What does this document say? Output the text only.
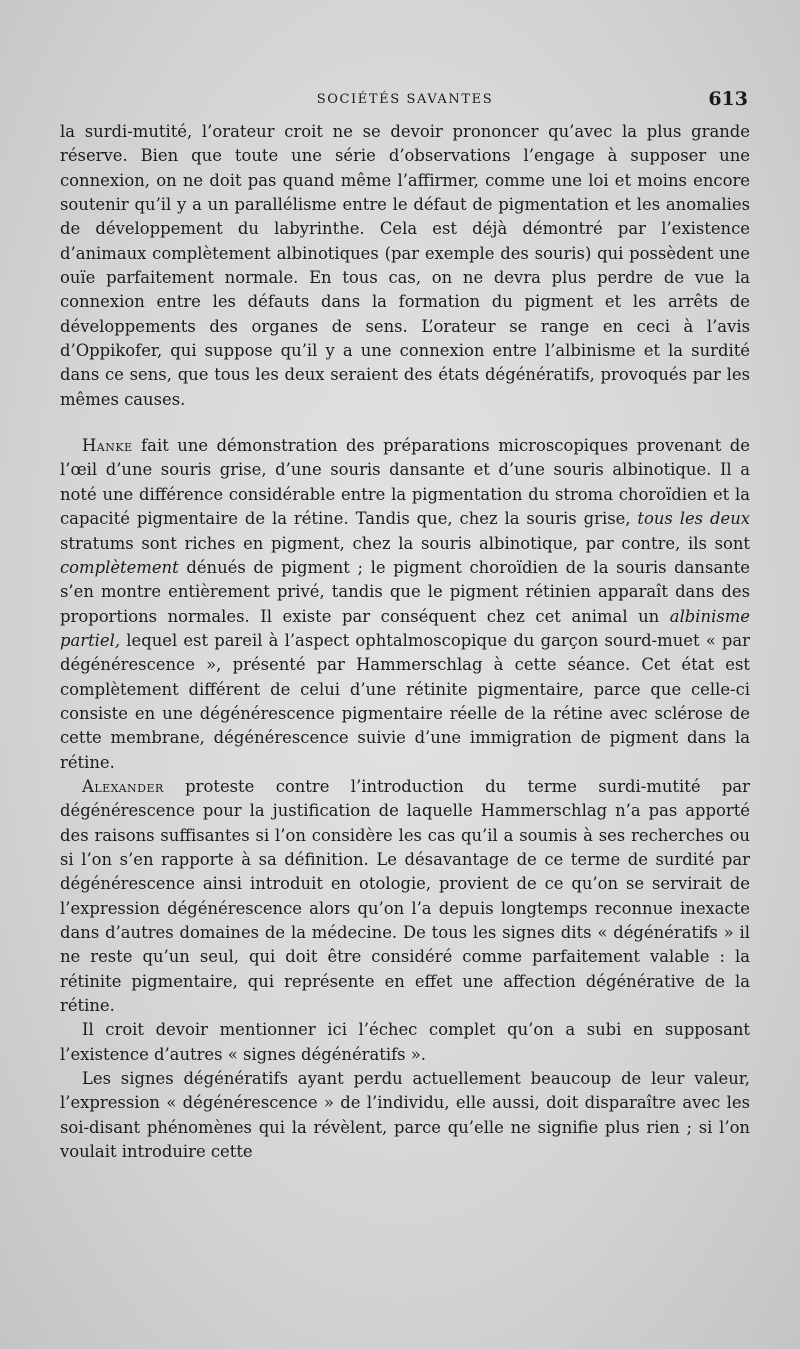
SOCIÉTÉS SAVANTES	613

la surdi-mutité, l’orateur croit ne se devoir prononcer qu’avec la plus grande réserve. Bien que toute une série d’observations l’engage à supposer une connexion, on ne doit pas quand même l’affirmer, comme une loi et moins encore soutenir qu’il y a un parallélisme entre le défaut de pigmentation et les anomalies de développement du labyrinthe. Cela est déjà démontré par l’existence d’animaux complètement albinotiques (par exemple des souris) qui possèdent une ouïe parfaitement normale. En tous cas, on ne devra plus perdre de vue la connexion entre les défauts dans la formation du pigment et les arrêts de développements des organes de sens. L’orateur se range en ceci à l’avis d’Oppikofer, qui suppose qu’il y a une connexion entre l’albinisme et la surdité dans ce sens, que tous les deux seraient des états dégénératifs, provoqués par les mêmes causes.

Hanke fait une démonstration des préparations microscopiques provenant de l’œil d’une souris grise, d’une souris dansante et d’une souris albinotique. Il a noté une différence considérable entre la pigmentation du stroma choroïdien et la capacité pigmentaire de la rétine. Tandis que, chez la souris grise, tous les deux stratums sont riches en pigment, chez la souris albinotique, par contre, ils sont complètement dénués de pigment ; le pigment choroïdien de la souris dansante s’en montre entièrement privé, tandis que le pigment rétinien apparaît dans des proportions normales. Il existe par conséquent chez cet animal un albinisme partiel, lequel est pareil à l’aspect ophtalmoscopique du garçon sourd-muet « par dégénérescence », présenté par Hammerschlag à cette séance. Cet état est complètement différent de celui d’une rétinite pigmentaire, parce que celle-ci consiste en une dégénérescence pigmentaire réelle de la rétine avec sclérose de cette membrane, dégénérescence suivie d’une immigration de pigment dans la rétine.

Alexander proteste contre l’introduction du terme surdi-mutité par dégénérescence pour la justification de laquelle Hammerschlag n’a pas apporté des raisons suffisantes si l’on considère les cas qu’il a soumis à ses recherches ou si l’on s’en rapporte à sa définition. Le désavantage de ce terme de surdité par dégénérescence ainsi introduit en otologie, provient de ce qu’on se servirait de l’expression dégénérescence alors qu’on l’a depuis longtemps reconnue inexacte dans d’autres domaines de la médecine. De tous les signes dits « dégénératifs » il ne reste qu’un seul, qui doit être considéré comme parfaitement valable : la rétinite pigmentaire, qui représente en effet une affection dégénérative de la rétine.

Il croit devoir mentionner ici l’échec complet qu’on a subi en supposant l’existence d’autres « signes dégénératifs ».

Les signes dégénératifs ayant perdu actuellement beaucoup de leur valeur, l’expression « dégénérescence » de l’individu, elle aussi, doit disparaître avec les soi-disant phénomènes qui la révèlent, parce qu’elle ne signifie plus rien ; si l’on voulait introduire cette
